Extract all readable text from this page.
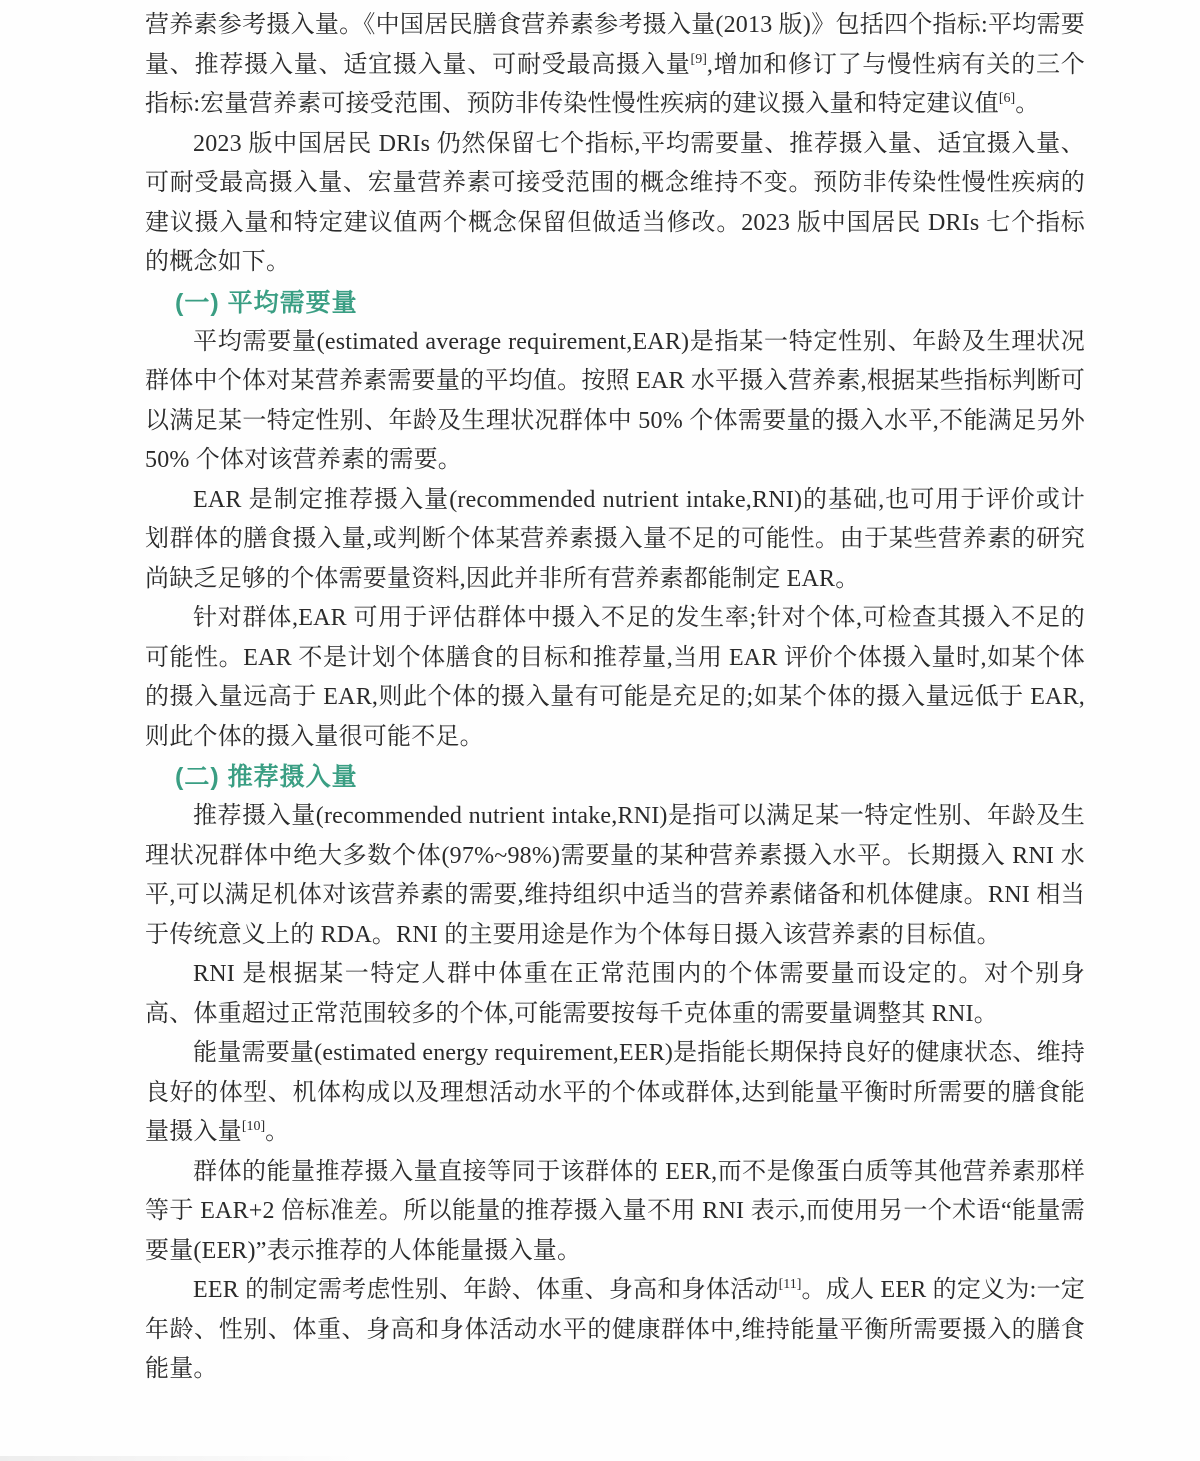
营养素参考摄入量。《中国居民膳食营养素参考摄入量(2013 版)》包括四个指标:平均需要量、推荐摄入量、适宜摄入量、可耐受最高摄入量[9],增加和修订了与慢性病有关的三个指标:宏量营养素可接受范围、预防非传染性慢性疾病的建议摄入量和特定建议值[6]。

2023 版中国居民 DRIs 仍然保留七个指标,平均需要量、推荐摄入量、适宜摄入量、可耐受最高摄入量、宏量营养素可接受范围的概念维持不变。预防非传染性慢性疾病的建议摄入量和特定建议值两个概念保留但做适当修改。2023 版中国居民 DRIs 七个指标的概念如下。

(一) 平均需要量

平均需要量(estimated average requirement,EAR)是指某一特定性别、年龄及生理状况群体中个体对某营养素需要量的平均值。按照 EAR 水平摄入营养素,根据某些指标判断可以满足某一特定性别、年龄及生理状况群体中 50% 个体需要量的摄入水平,不能满足另外 50% 个体对该营养素的需要。

EAR 是制定推荐摄入量(recommended nutrient intake,RNI)的基础,也可用于评价或计划群体的膳食摄入量,或判断个体某营养素摄入量不足的可能性。由于某些营养素的研究尚缺乏足够的个体需要量资料,因此并非所有营养素都能制定 EAR。

针对群体,EAR 可用于评估群体中摄入不足的发生率;针对个体,可检查其摄入不足的可能性。EAR 不是计划个体膳食的目标和推荐量,当用 EAR 评价个体摄入量时,如某个体的摄入量远高于 EAR,则此个体的摄入量有可能是充足的;如某个体的摄入量远低于 EAR,则此个体的摄入量很可能不足。

(二) 推荐摄入量

推荐摄入量(recommended nutrient intake,RNI)是指可以满足某一特定性别、年龄及生理状况群体中绝大多数个体(97%~98%)需要量的某种营养素摄入水平。长期摄入 RNI 水平,可以满足机体对该营养素的需要,维持组织中适当的营养素储备和机体健康。RNI 相当于传统意义上的 RDA。RNI 的主要用途是作为个体每日摄入该营养素的目标值。

RNI 是根据某一特定人群中体重在正常范围内的个体需要量而设定的。对个别身高、体重超过正常范围较多的个体,可能需要按每千克体重的需要量调整其 RNI。

能量需要量(estimated energy requirement,EER)是指能长期保持良好的健康状态、维持良好的体型、机体构成以及理想活动水平的个体或群体,达到能量平衡时所需要的膳食能量摄入量[10]。

群体的能量推荐摄入量直接等同于该群体的 EER,而不是像蛋白质等其他营养素那样等于 EAR+2 倍标准差。所以能量的推荐摄入量不用 RNI 表示,而使用另一个术语“能量需要量(EER)”表示推荐的人体能量摄入量。

EER 的制定需考虑性别、年龄、体重、身高和身体活动[11]。成人 EER 的定义为:一定年龄、性别、体重、身高和身体活动水平的健康群体中,维持能量平衡所需要摄入的膳食能量。
